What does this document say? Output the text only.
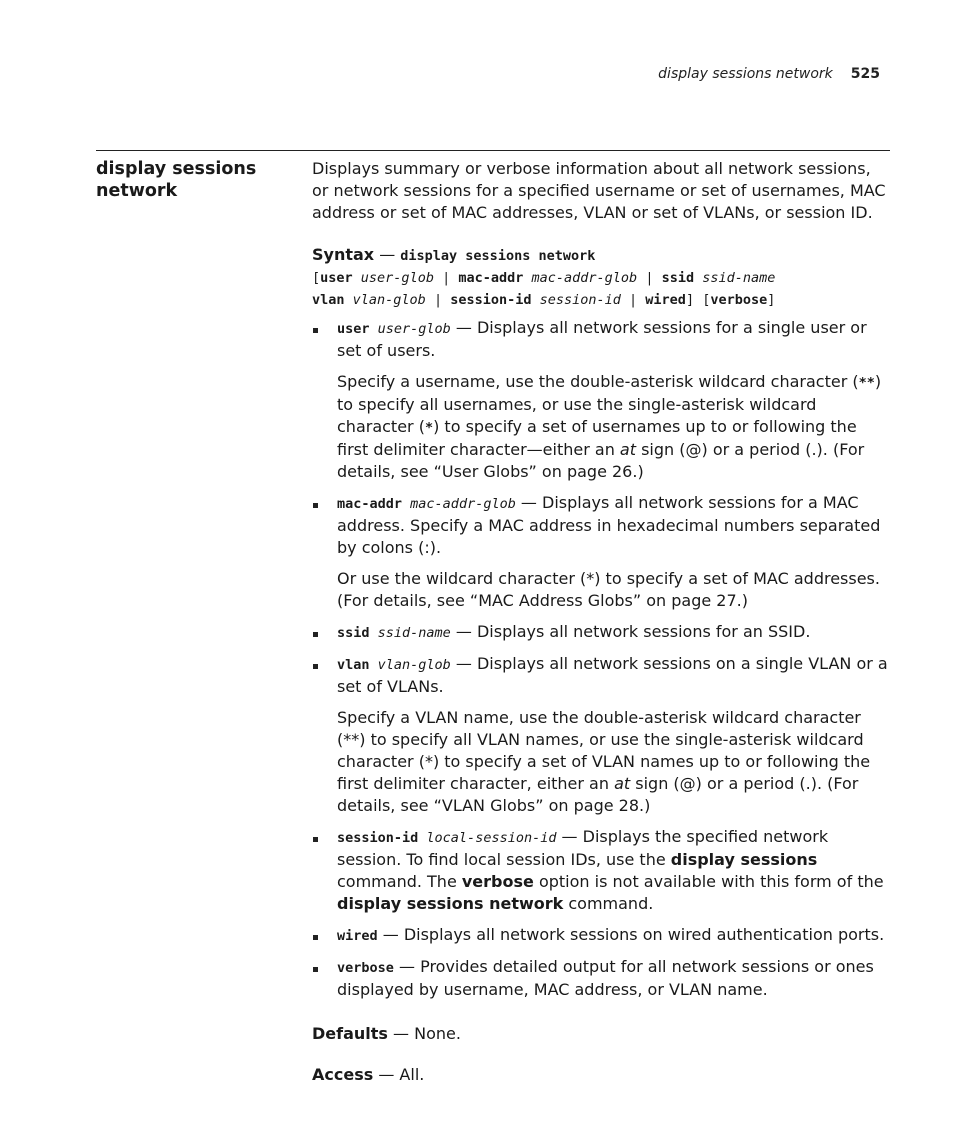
display sessions network 525
display sessions network

Displays summary or verbose information about all network sessions, or network sessions for a specified username or set of usernames, MAC address or set of MAC addresses, VLAN or set of VLANs, or session ID.

Syntax — display sessions network
[user user-glob | mac-addr mac-addr-glob | ssid ssid-name
vlan vlan-glob | session-id session-id | wired] [verbose]

user user-glob — Displays all network sessions for a single user or set of users.

Specify a username, use the double-asterisk wildcard character (**) to specify all usernames, or use the single-asterisk wildcard character (*) to specify a set of usernames up to or following the first delimiter character—either an at sign (@) or a period (.). (For details, see “User Globs” on page 26.)

mac-addr mac-addr-glob — Displays all network sessions for a MAC address. Specify a MAC address in hexadecimal numbers separated by colons (:).

Or use the wildcard character (*) to specify a set of MAC addresses. (For details, see “MAC Address Globs” on page 27.)

ssid ssid-name — Displays all network sessions for an SSID.

vlan vlan-glob — Displays all network sessions on a single VLAN or a set of VLANs.

Specify a VLAN name, use the double-asterisk wildcard character (**) to specify all VLAN names, or use the single-asterisk wildcard character (*) to specify a set of VLAN names up to or following the first delimiter character, either an at sign (@) or a period (.). (For details, see “VLAN Globs” on page 28.)

session-id local-session-id — Displays the specified network session. To find local session IDs, use the display sessions command. The verbose option is not available with this form of the display sessions network command.

wired — Displays all network sessions on wired authentication ports.

verbose — Provides detailed output for all network sessions or ones displayed by username, MAC address, or VLAN name.

Defaults — None.

Access — All.
